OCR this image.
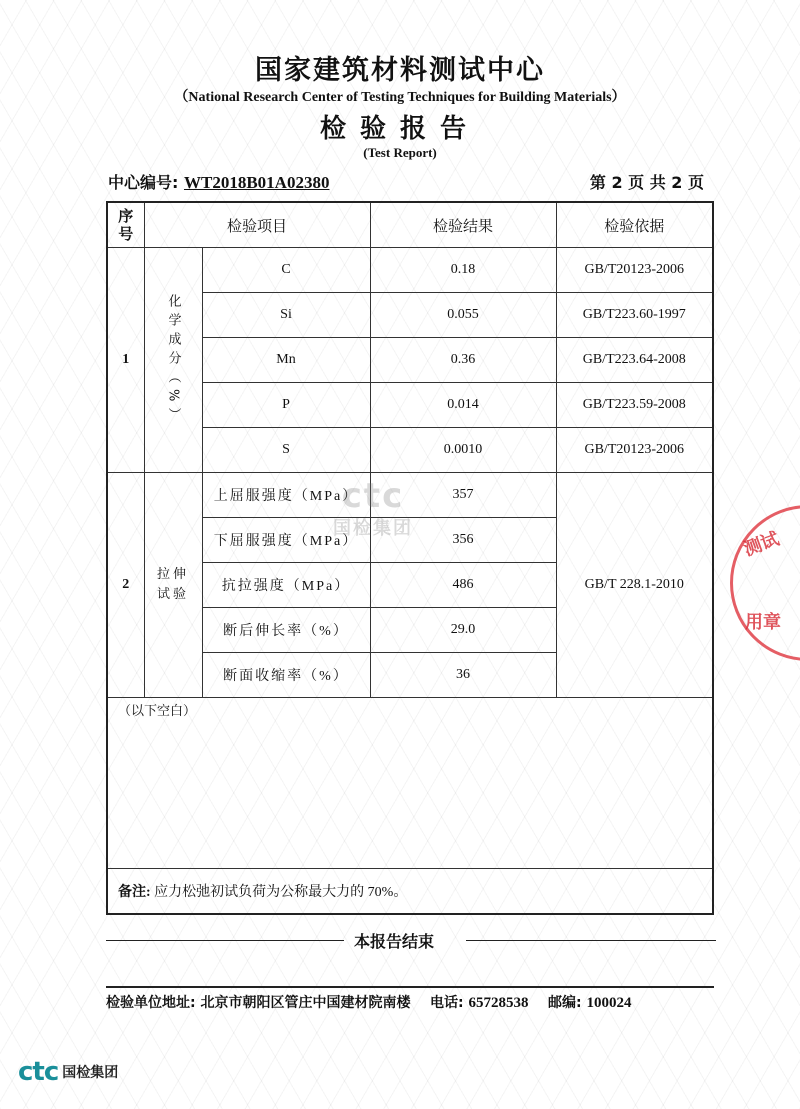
国家建筑材料测试中心
（National Research Center of Testing Techniques for Building Materials）
检验报告
(Test Report)
中心编号: WT2018B01A02380	第 2 页 共 2 页
序
号	检验项目		检验结果	检验依据
1	化学成分（%）	C	0.18	GB/T20123-2006
		Si	0.055	GB/T223.60-1997
		Mn	0.36	GB/T223.64-2008
		P	0.014	GB/T223.59-2008
		S	0.0010	GB/T20123-2006
2	拉伸试验	上屈服强度（MPa）	357	GB/T 228.1-2010
		下屈服强度（MPa）	356	
		抗拉强度（MPa）	486	
		断后伸长率（%）	29.0	
		断面收缩率（%）	36	

（以下空白）				

备注: 应力松弛初试负荷为公称最大力的 70%。				
ctc
国检集团	测试
用章
本报告结束
检验单位地址: 北京市朝阳区管庄中国建材院南楼 电话: 65728538 邮编: 100024
ctc 国检集团
